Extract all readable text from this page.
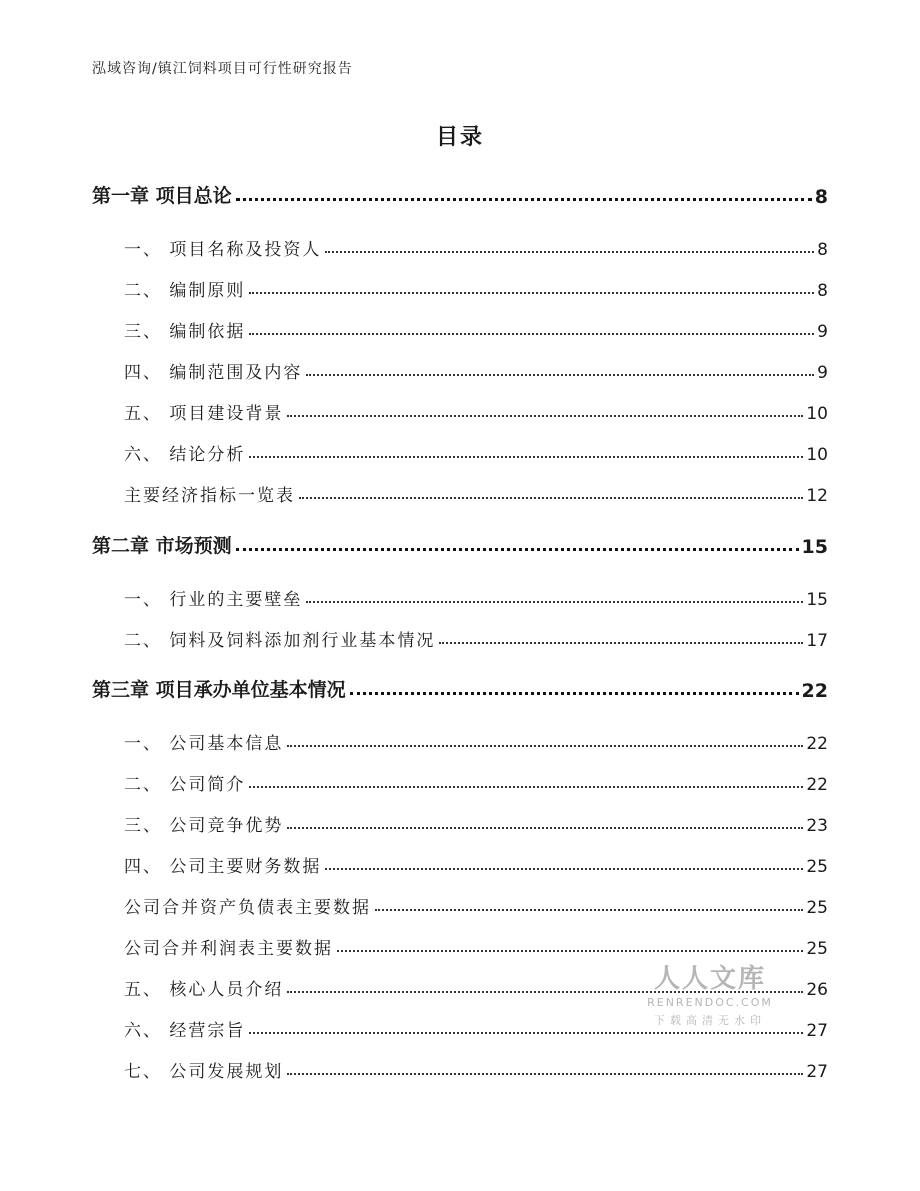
泓域咨询/镇江饲料项目可行性研究报告
目录
第一章 项目总论	8
一、 项目名称及投资人	8
二、 编制原则	8
三、 编制依据	9
四、 编制范围及内容	9
五、 项目建设背景	10
六、 结论分析	10
主要经济指标一览表	12
第二章 市场预测	15
一、 行业的主要壁垒	15
二、 饲料及饲料添加剂行业基本情况	17
第三章 项目承办单位基本情况	22
一、 公司基本信息	22
二、 公司简介	22
三、 公司竞争优势	23
四、 公司主要财务数据	25
公司合并资产负债表主要数据	25
公司合并利润表主要数据	25
五、 核心人员介绍	26
六、 经营宗旨	27
七、 公司发展规划	27
人人文库
RENRENDOC.COM
下载高清无水印
